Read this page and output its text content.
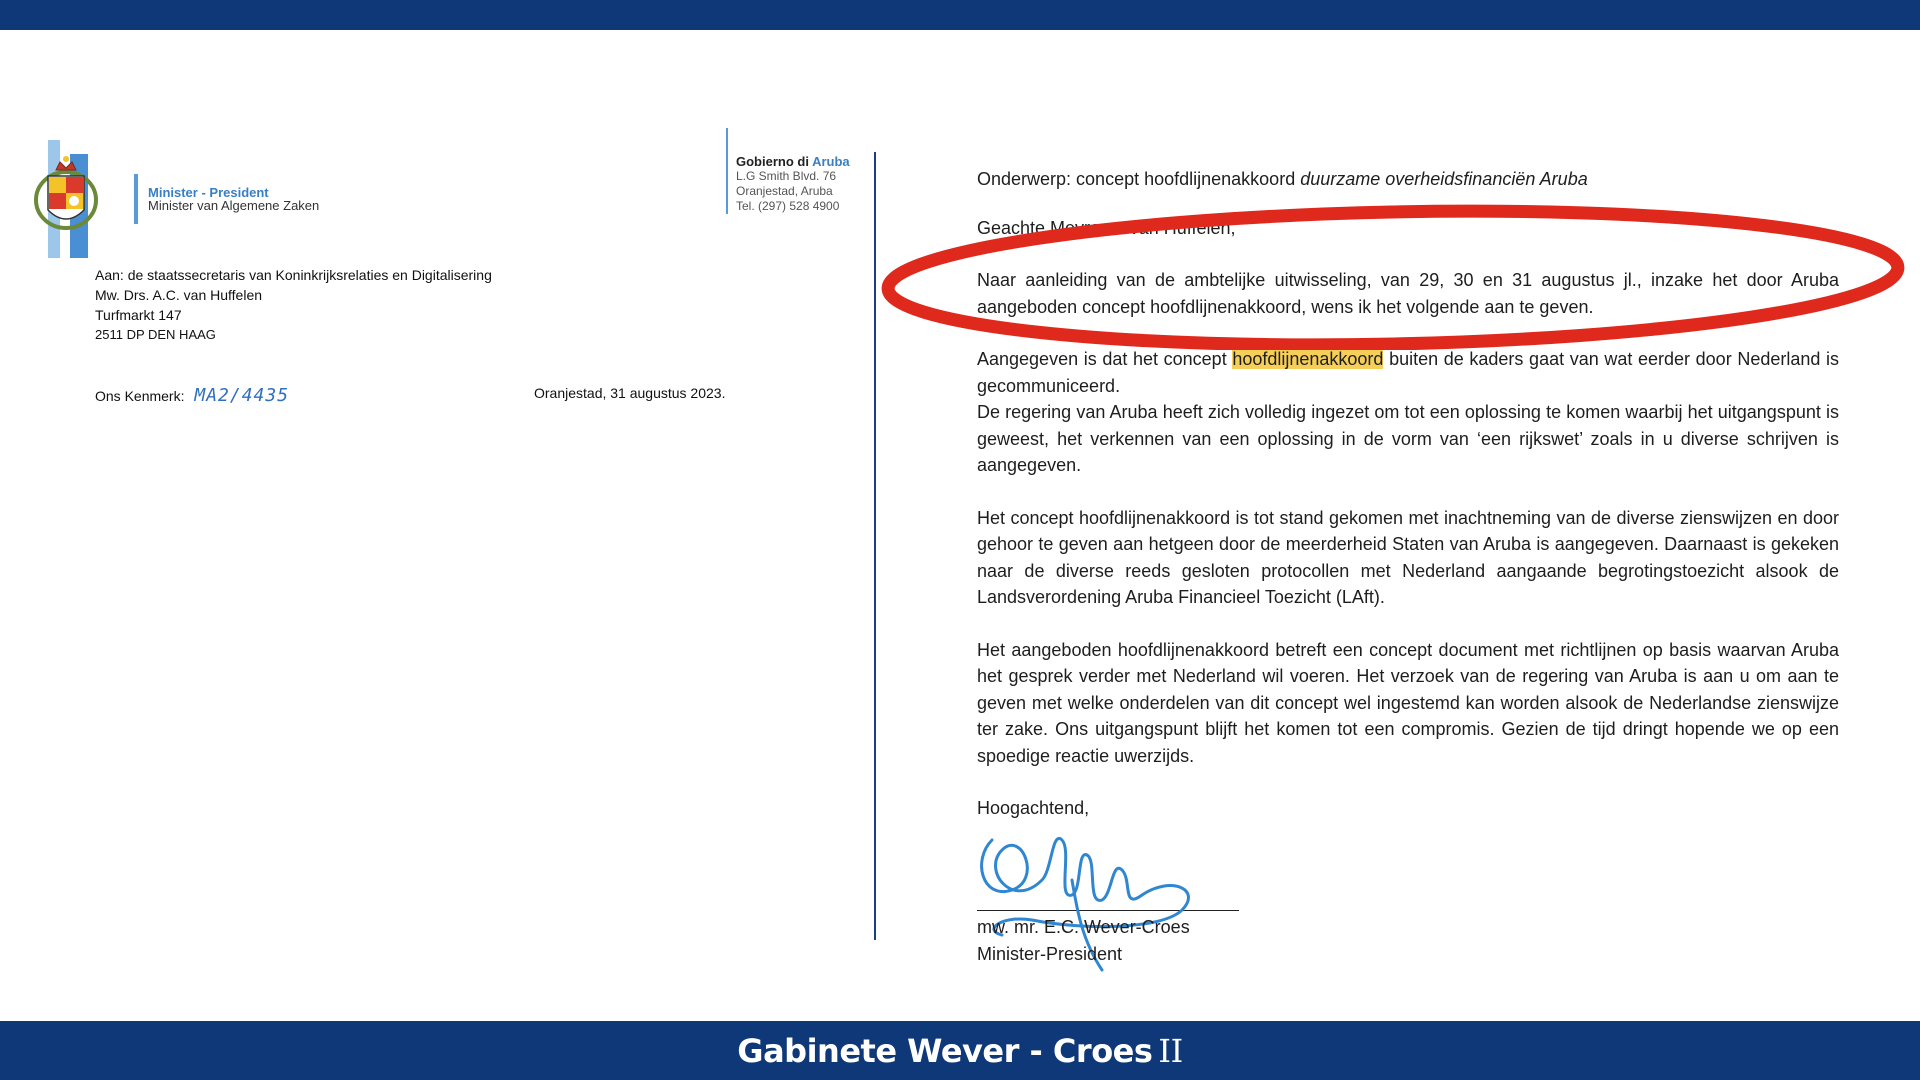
Minister - President
Minister van Algemene Zaken
Gobierno di Aruba
L.G Smith Blvd. 76
Oranjestad, Aruba
Tel. (297) 528 4900
Aan: de staatssecretaris van Koninkrijksrelaties en Digitalisering
Mw. Drs. A.C. van Huffelen
Turfmarkt 147
2511 DP DEN HAAG
Ons Kenmerk: MA2/4435	Oranjestad, 31 augustus 2023.
Onderwerp: concept hoofdlijnenakkoord duurzame overheidsfinanciën Aruba
Geachte Mevrouw Van Huffelen,
Naar aanleiding van de ambtelijke uitwisseling, van 29, 30 en 31 augustus jl., inzake het door Aruba aangeboden concept hoofdlijnenakkoord, wens ik het volgende aan te geven.
Aangegeven is dat het concept hoofdlijnenakkoord buiten de kaders gaat van wat eerder door Nederland is gecommuniceerd.
De regering van Aruba heeft zich volledig ingezet om tot een oplossing te komen waarbij het uitgangspunt is geweest, het verkennen van een oplossing in de vorm van ‘een rijkswet’ zoals in u diverse schrijven is aangegeven.
Het concept hoofdlijnenakkoord is tot stand gekomen met inachtneming van de diverse zienswijzen en door gehoor te geven aan hetgeen door de meerderheid Staten van Aruba is aangegeven. Daarnaast is gekeken naar de diverse reeds gesloten protocollen met Nederland aangaande begrotingstoezicht alsook de Landsverordening Aruba Financieel Toezicht (LAft).
Het aangeboden hoofdlijnenakkoord betreft een concept document met richtlijnen op basis waarvan Aruba het gesprek verder met Nederland wil voeren. Het verzoek van de regering van Aruba is aan u om aan te geven met welke onderdelen van dit concept wel ingestemd kan worden alsook de Nederlandse zienswijze ter zake. Ons uitgangspunt blijft het komen tot een compromis. Gezien de tijd dringt hopende we op een spoedige reactie uwerzijds.
Hoogachtend,
mw. mr. E.C. Wever-Croes
Minister-President
Gabinete Wever - Croes II
